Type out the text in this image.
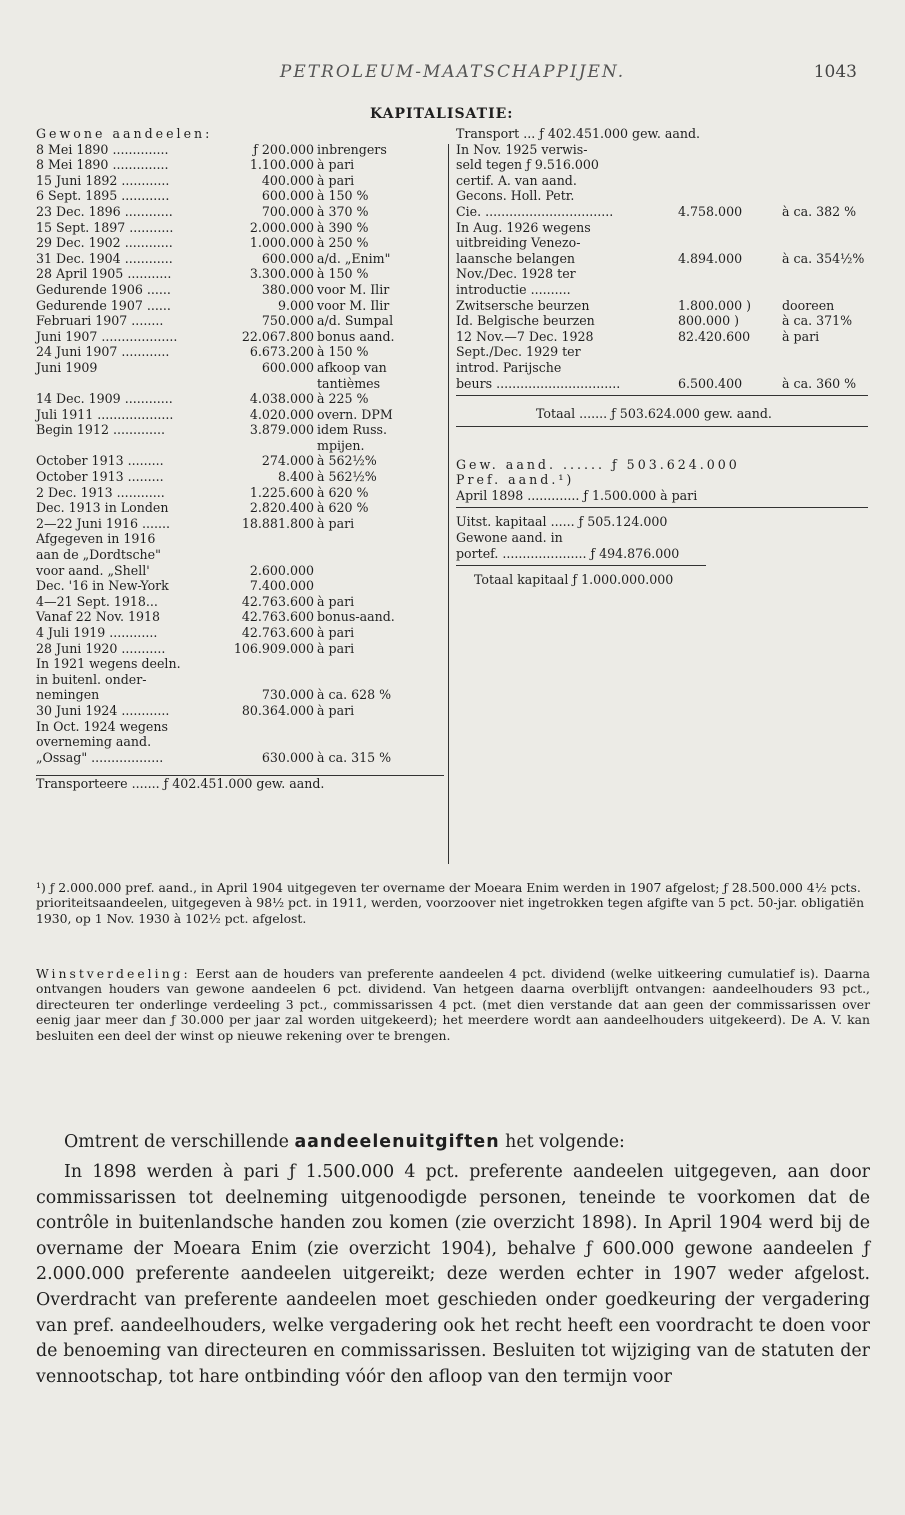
PETROLEUM-MAATSCHAPPIJEN.	1043
KAPITALISATIE:
Gewone aandeelen:
8 Mei 1890 ..............	ƒ 200.000 inbrengers
8 Mei 1890 ..............	1.100.000 à pari
15 Juni 1892 ............	400.000 à pari
6 Sept. 1895 ............	600.000 à 150 %
23 Dec. 1896 ............	700.000 à 370 %
15 Sept. 1897 ...........	2.000.000 à 390 %
29 Dec. 1902 ............	1.000.000 à 250 %
31 Dec. 1904 ............	600.000 a/d. „Enim"
28 April 1905 ...........	3.300.000 à 150 %
Gedurende 1906 ......	380.000 voor M. Ilir
Gedurende 1907 ......	9.000 voor M. Ilir
Februari 1907 ........	750.000 a/d. Sumpal
Juni 1907 ...................	22.067.800 bonus aand.
24 Juni 1907 ............	6.673.200 à 150 %
Juni 1909	600.000 afkoop van
tantièmes
14 Dec. 1909 ............	4.038.000 à 225 %
Juli 1911 ...................	4.020.000 overn. DPM
Begin 1912 .............	3.879.000 idem Russ.
mpijen.
October 1913 .........	274.000 à 562½%
October 1913 .........	8.400 à 562½%
2 Dec. 1913 ............	1.225.600 à 620 %
Dec. 1913 in Londen	2.820.400 à 620 %
2—22 Juni 1916 .......	18.881.800 à pari
Afgegeven in 1916
aan de „Dordtsche"
voor aand. „Shell'	2.600.000
Dec. '16 in New-York	7.400.000
4—21 Sept. 1918...	42.763.600 à pari
Vanaf 22 Nov. 1918	42.763.600 bonus-aand.
4 Juli 1919 ............	42.763.600 à pari
28 Juni 1920 ...........	106.909.000 à pari
In 1921 wegens deeln.
in buitenl. onder-
nemingen	730.000 à ca. 628 %
30 Juni 1924 ............	80.364.000 à pari
In Oct. 1924 wegens
overneming aand.
„Ossag" ..................	630.000 à ca. 315 %
Transporteere ....... ƒ 402.451.000 gew. aand.
Transport ... ƒ 402.451.000 gew. aand.
In Nov. 1925 verwis-
seld tegen ƒ 9.516.000
certif. A. van aand.
Gecons. Holl. Petr.
Cie. ................................	4.758.000	à ca. 382 %
In Aug. 1926 wegens
uitbreiding Venezo-
laansche belangen	4.894.000	à ca. 354½%
Nov./Dec. 1928 ter
introductie ..........
Zwitsersche beurzen	1.800.000 ) dooreen
Id. Belgische beurzen	800.000 )	à ca. 371%
12 Nov.—7 Dec. 1928	82.420.600	à pari
Sept./Dec. 1929 ter
introd. Parijsche
beurs ...............................	6.500.400	à ca. 360 %
Totaal ....... ƒ 503.624.000 gew. aand.
Gew. aand. ...... ƒ 503.624.000
Pref. aand.¹)
April 1898 ............. ƒ 1.500.000 à pari
Uitst. kapitaal ...... ƒ 505.124.000
Gewone aand. in
portef. ..................... ƒ 494.876.000
Totaal kapitaal ƒ 1.000.000.000
¹) ƒ 2.000.000 pref. aand., in April 1904 uitgegeven ter overname der Moeara Enim werden in 1907 afgelost; ƒ 28.500.000 4½ pcts. prioriteitsaandeelen, uitgegeven à 98½ pct. in 1911, werden, voorzoover niet ingetrokken tegen afgifte van 5 pct. 50-jar. obligatiën 1930, op 1 Nov. 1930 à 102½ pct. afgelost.
Winstverdeeling: Eerst aan de houders van preferente aandeelen 4 pct. dividend (welke uitkeering cumulatief is). Daarna ontvangen houders van gewone aandeelen 6 pct. dividend. Van hetgeen daarna overblijft ontvangen: aandeelhouders 93 pct., directeuren ter onderlinge verdeeling 3 pct., commissarissen 4 pct. (met dien verstande dat aan geen der commissarissen over eenig jaar meer dan ƒ 30.000 per jaar zal worden uitgekeerd); het meerdere wordt aan aandeelhouders uitgekeerd). De A. V. kan besluiten een deel der winst op nieuwe rekening over te brengen.
Omtrent de verschillende aandeelenuitgiften het volgende:
In 1898 werden à pari ƒ 1.500.000 4 pct. preferente aandeelen uitgegeven, aan door commissarissen tot deelneming uitgenoodigde personen, teneinde te voorkomen dat de contrôle in buitenlandsche handen zou komen (zie overzicht 1898). In April 1904 werd bij de overname der Moeara Enim (zie overzicht 1904), behalve ƒ 600.000 gewone aandeelen ƒ 2.000.000 preferente aandeelen uitgereikt; deze werden echter in 1907 weder afgelost. Overdracht van preferente aandeelen moet geschieden onder goedkeuring der vergadering van pref. aandeelhouders, welke vergadering ook het recht heeft een voordracht te doen voor de benoeming van directeuren en commissarissen. Besluiten tot wijziging van de statuten der vennootschap, tot hare ontbinding vóór den afloop van den termijn voor
